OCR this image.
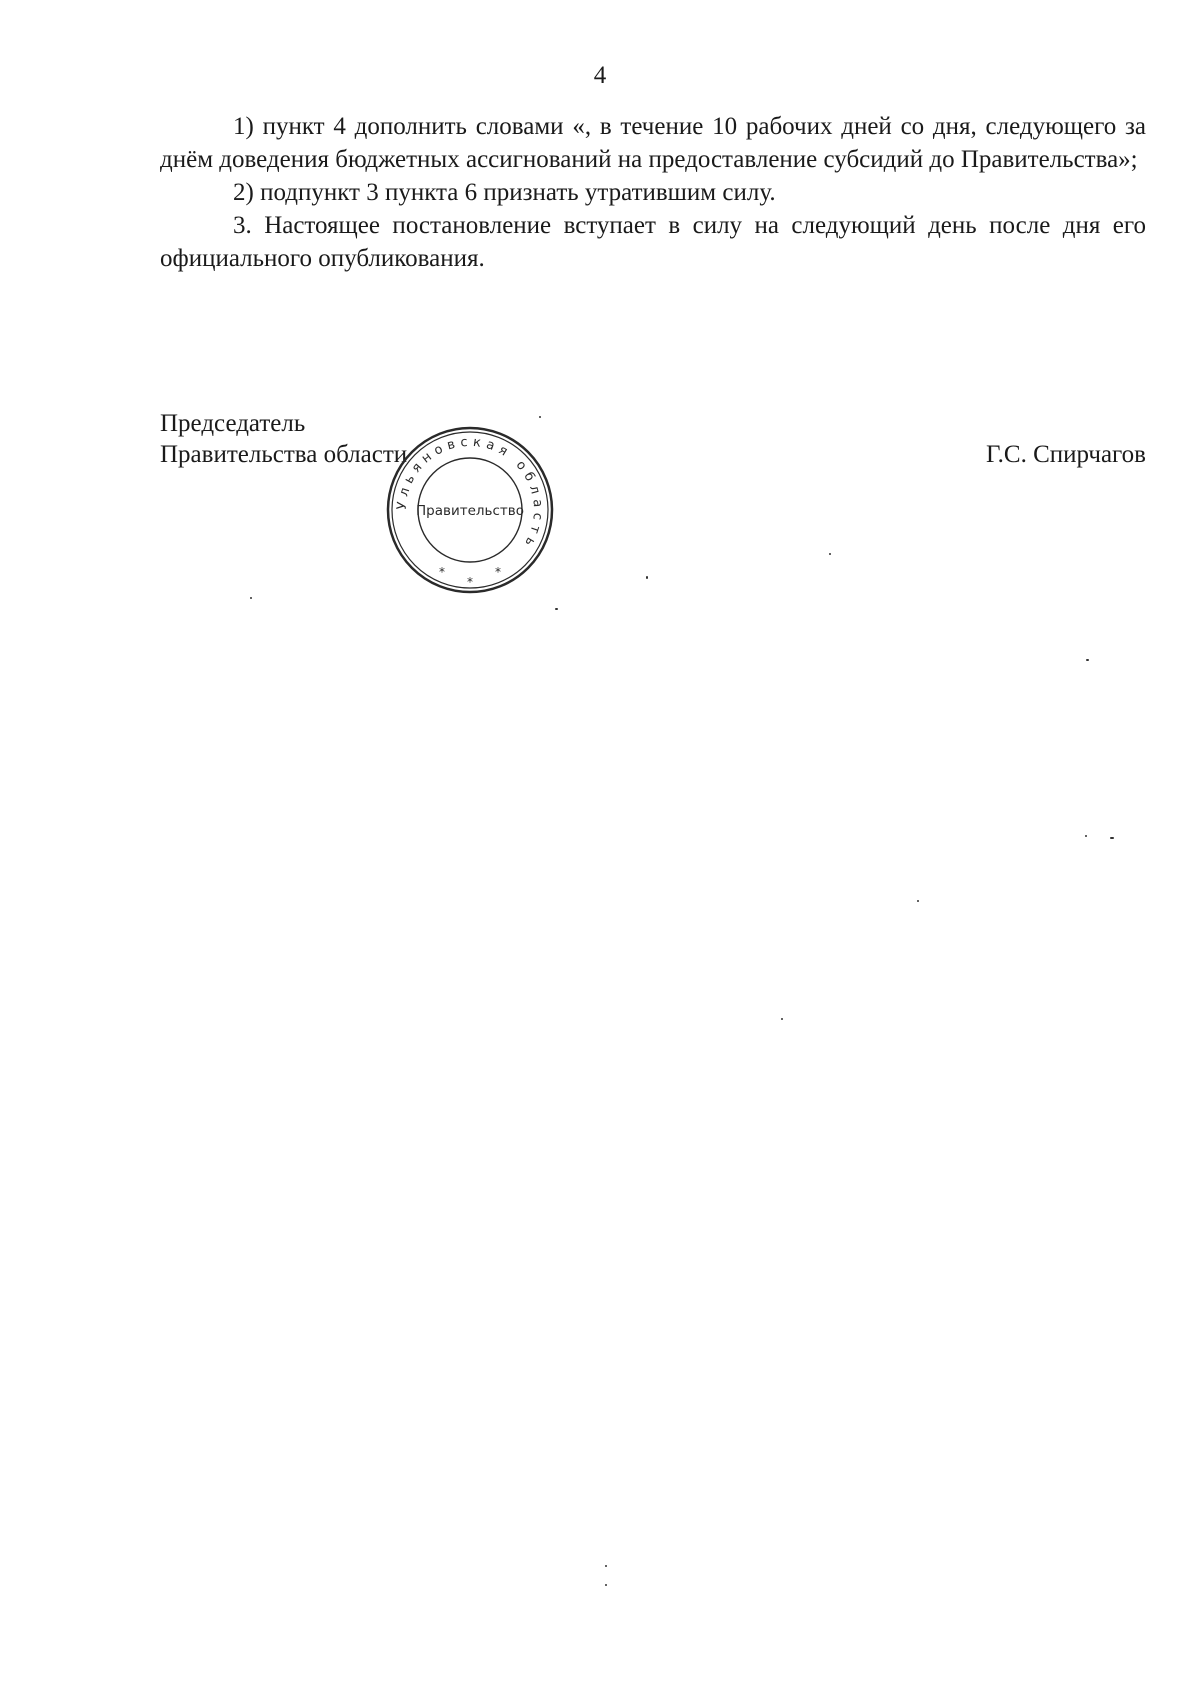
4

1) пункт 4 дополнить словами «, в течение 10 рабочих дней со дня, следующего за днём доведения бюджетных ассигнований на предоставление субсидий до Правительства»;

2) подпункт 3 пункта 6 признать утратившим силу.

3. Настоящее постановление вступает в силу на следующий день после дня его официального опубликования.

Председатель
Правительства области	Г.С. Спирчагов
Ульяновская область
Правительство
*
*
*
